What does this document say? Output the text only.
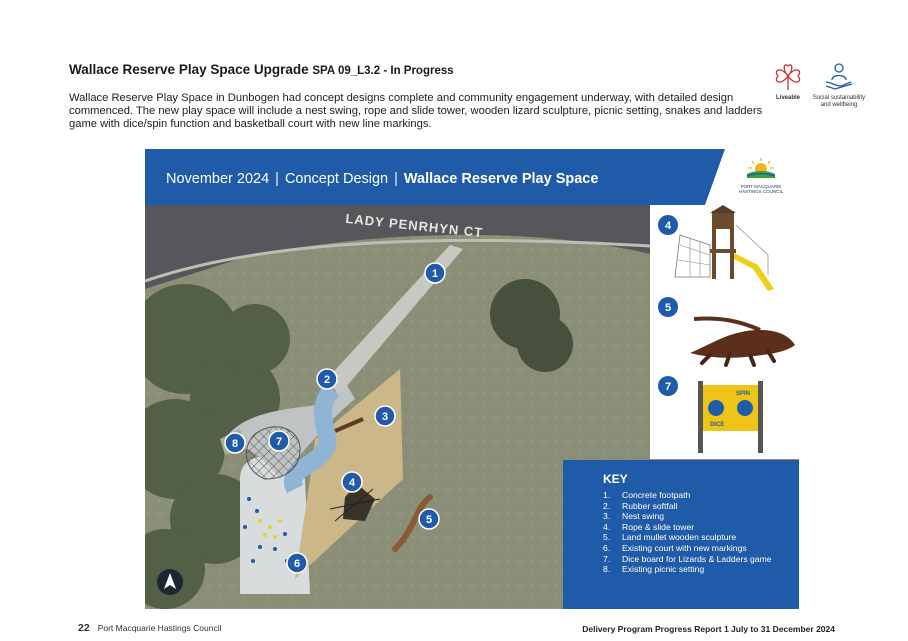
Wallace Reserve Play Space Upgrade SPA 09_L3.2 - In Progress
Wallace Reserve Play Space in Dunbogen had concept designs complete and community engagement underway, with detailed design commenced. The new play space will include a nest swing, rope and slide tower, wooden lizard sculpture, picnic setting, snakes and ladders game with dice/spin function and basketball court with new line markings.
Liveable	Social sustainability and wellbeing
LADY PENRHYN CT
1
2
3
4
5
6
7
8
November 2024 | Concept Design | Wallace Reserve Play Space	PORT MACQUARIE
HASTINGS COUNCIL
4
5
DICE
SPIN
7
KEY
1. Concrete footpath
2. Rubber softfall
3. Nest swing
4. Rope & slide tower
5. Land mullet wooden sculpture
6. Existing court with new markings
7. Dice board for Lizards & Ladders game
8. Existing picnic setting
22 Port Macquarie Hastings Council	Delivery Program Progress Report 1 July to 31 December 2024
